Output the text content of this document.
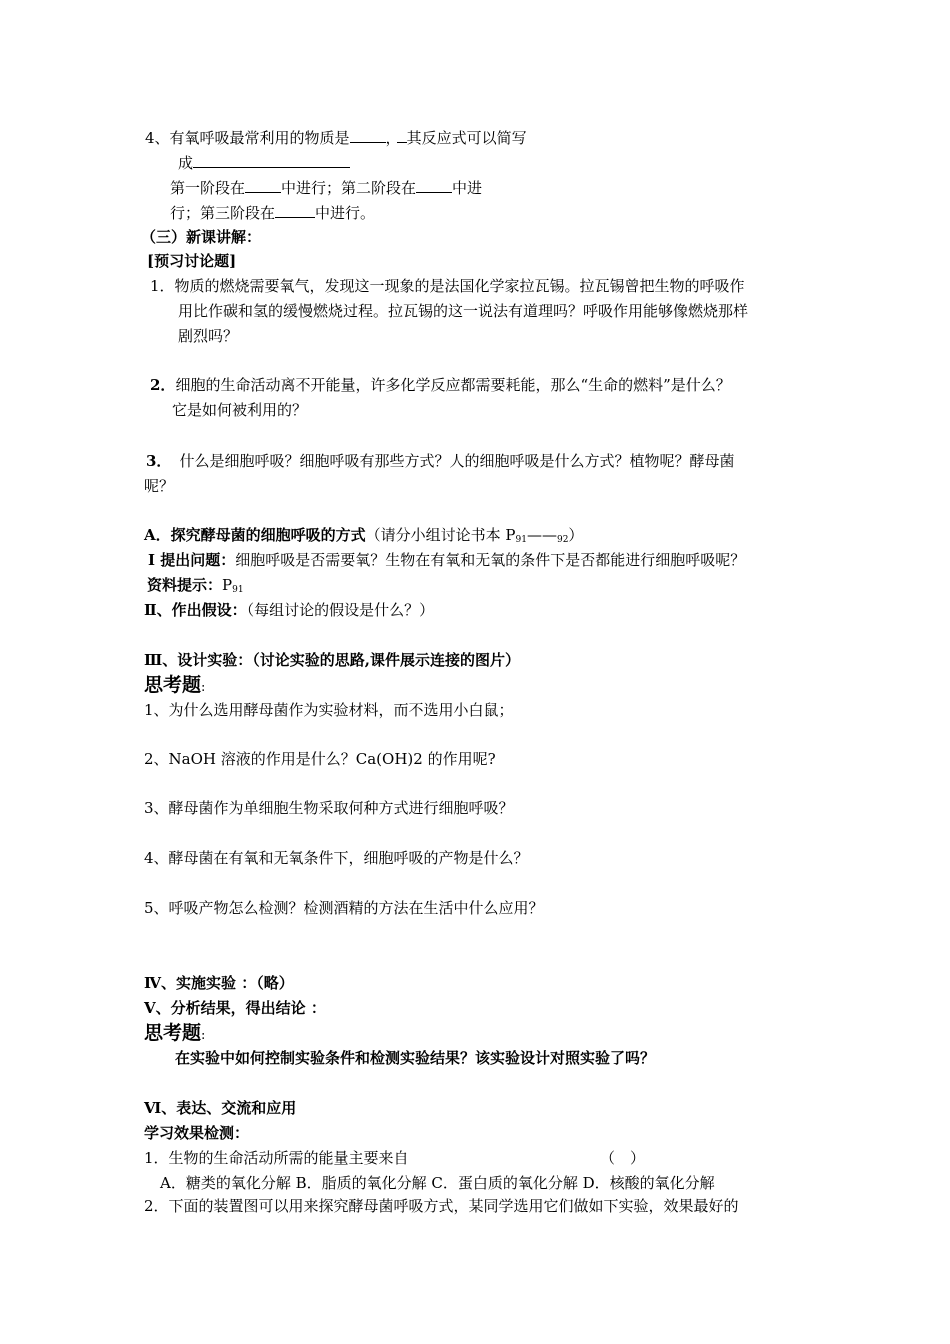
4、有氧呼吸最常利用的物质是 ， 其反应式可以简写
成
第一阶段在 中进行；第二阶段在 中进
行；第三阶段在	中进行。
（三）新课讲解：
[预习讨论题]
1．物质的燃烧需要氧气，发现这一现象的是法国化学家拉瓦锡。拉瓦锡曾把生物的呼吸作
用比作碳和氢的缓慢燃烧过程。拉瓦锡的这一说法有道理吗？呼吸作用能够像燃烧那样
剧烈吗？
2．细胞的生命活动离不开能量，许多化学反应都需要耗能，那么“生命的燃料”是什么？
它是如何被利用的？
3． 什么是细胞呼吸？细胞呼吸有那些方式？人的细胞呼吸是什么方式？植物呢？酵母菌
呢？
A．探究酵母菌的细胞呼吸的方式（请分小组讨论书本 $P_{91}——_{92}$）
Ⅰ 提出问题：细胞呼吸是否需要氧？生物在有氧和无氧的条件下是否都能进行细胞呼吸呢？
资料提示：$P_{91}$
Ⅱ、作出假设：（每组讨论的假设是什么？）
Ⅲ、设计实验：（讨论实验的思路,课件展示连接的图片）
思考题:
1、为什么选用酵母菌作为实验材料，而不选用小白鼠；
2、NaOH 溶液的作用是什么？Ca(OH)2 的作用呢?
3、酵母菌作为单细胞生物采取何种方式进行细胞呼吸？
4、酵母菌在有氧和无氧条件下，细胞呼吸的产物是什么？
5、呼吸产物怎么检测？检测酒精的方法在生活中什么应用？
Ⅳ、实施实验 ：（略）
Ⅴ、分析结果，得出结论 ：
思考题:
在实验中如何控制实验条件和检测实验结果？该实验设计对照实验了吗？
Ⅵ、表达、交流和应用
学习效果检测：
1．生物的生命活动所需的能量主要来自	（　）
A．糖类的氧化分解 B．脂质的氧化分解 C．蛋白质的氧化分解 D．核酸的氧化分解
2．下面的装置图可以用来探究酵母菌呼吸方式，某同学选用它们做如下实验，效果最好的
